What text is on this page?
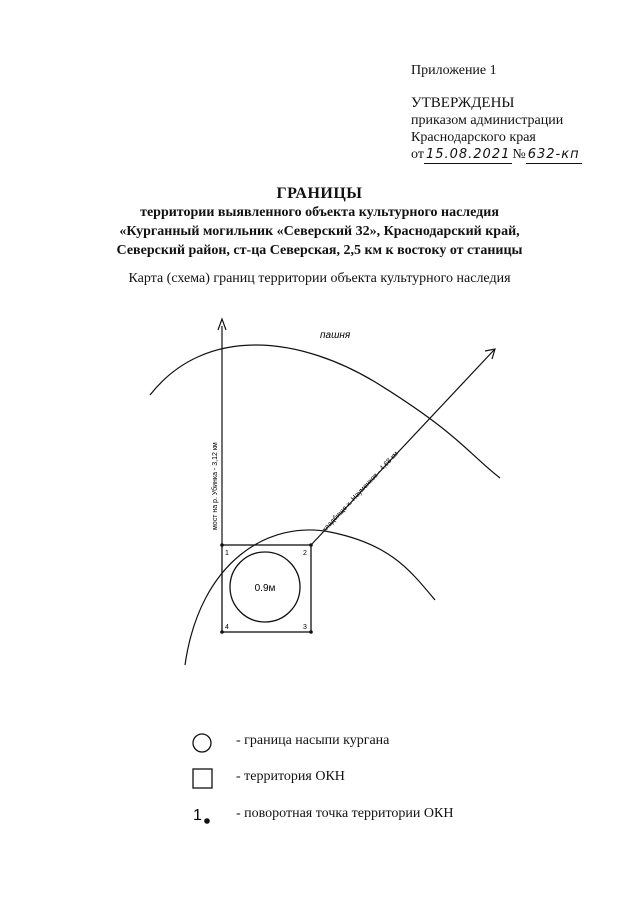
Приложение 1
УТВЕРЖДЕНЫ
приказом администрации
Краснодарского края
от 15.08.2021 № 632-кп
ГРАНИЦЫ
территории выявленного объекта культурного наследия
«Курганный могильник «Северский 32», Краснодарский край,
Северский район, ст-ца Северская, 2,5 км к востоку от станицы
Карта (схема) границ территории объекта культурного наследия
пашня
мост на р. Убинка - 3,12 км	кладбище х. Науменков - 4,68 км
0.9м
1	2
3
4
1
- граница насыпи кургана
- территория ОКН
- поворотная точка территории ОКН
